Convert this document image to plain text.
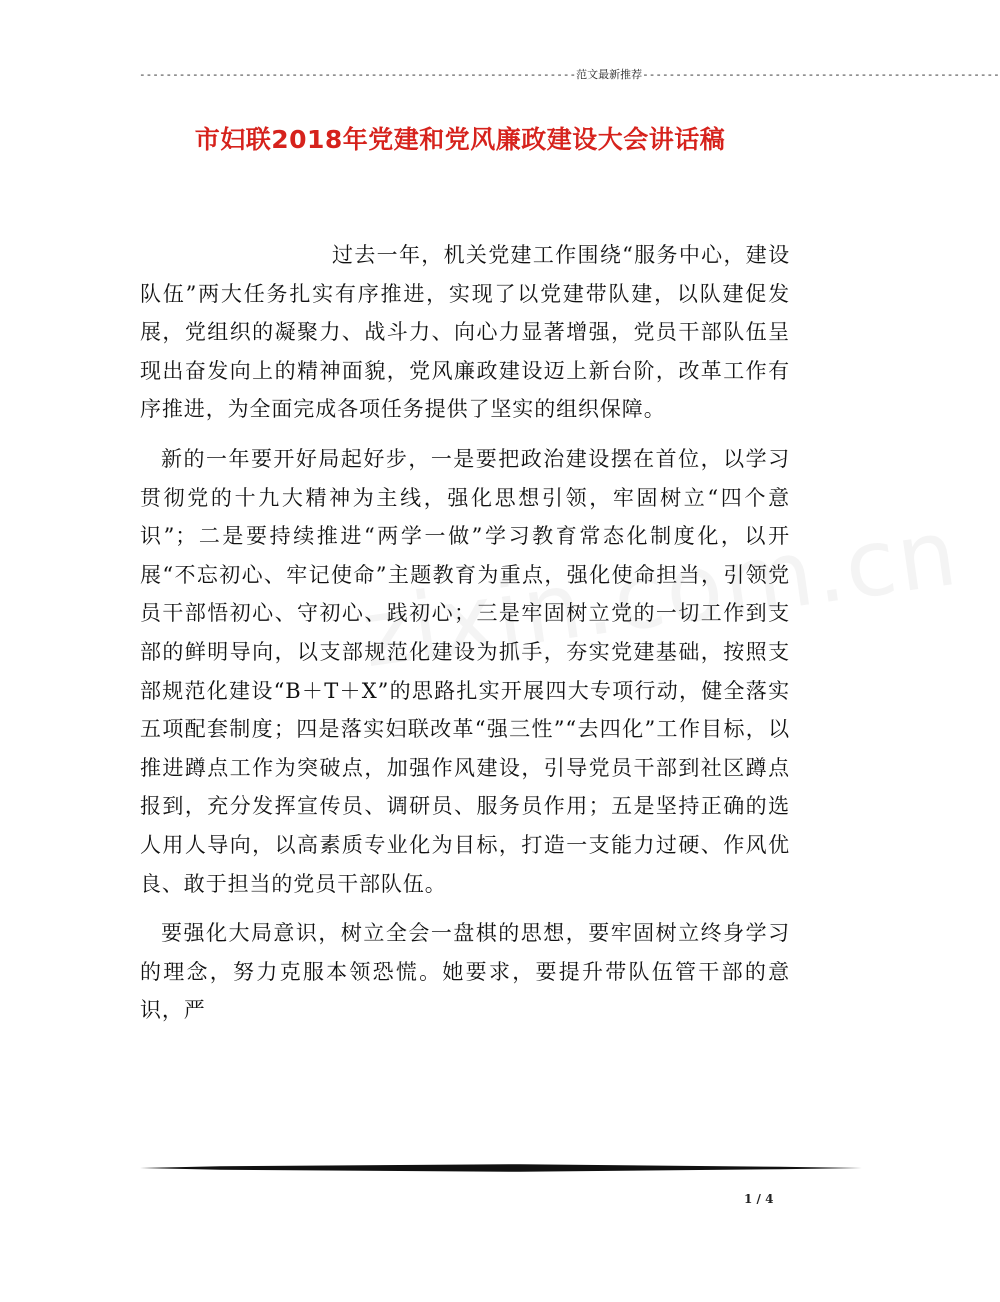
------------------------------------------------------------------范文最新推荐------------------------------------------------------
市妇联2018年党建和党风廉政建设大会讲话稿

过去一年，机关党建工作围绕“服务中心，建设队伍”两大任务扎实有序推进，实现了以党建带队建，以队建促发展，党组织的凝聚力、战斗力、向心力显著增强，党员干部队伍呈现出奋发向上的精神面貌，党风廉政建设迈上新台阶，改革工作有序推进，为全面完成各项任务提供了坚实的组织保障。

新的一年要开好局起好步，一是要把政治建设摆在首位，以学习贯彻党的十九大精神为主线，强化思想引领，牢固树立“四个意识”；二是要持续推进“两学一做”学习教育常态化制度化，以开展“不忘初心、牢记使命”主题教育为重点，强化使命担当，引领党员干部悟初心、守初心、践初心；三是牢固树立党的一切工作到支部的鲜明导向，以支部规范化建设为抓手，夯实党建基础，按照支部规范化建设“B＋T＋X”的思路扎实开展四大专项行动，健全落实五项配套制度；四是落实妇联改革“强三性”“去四化”工作目标，以推进蹲点工作为突破点，加强作风建设，引导党员干部到社区蹲点报到，充分发挥宣传员、调研员、服务员作用；五是坚持正确的选人用人导向，以高素质专业化为目标，打造一支能力过硬、作风优良、敢于担当的党员干部队伍。

要强化大局意识，树立全会一盘棋的思想，要牢固树立终身学习的理念，努力克服本领恐慌。她要求，要提升带队伍管干部的意识，严

1 / 4
